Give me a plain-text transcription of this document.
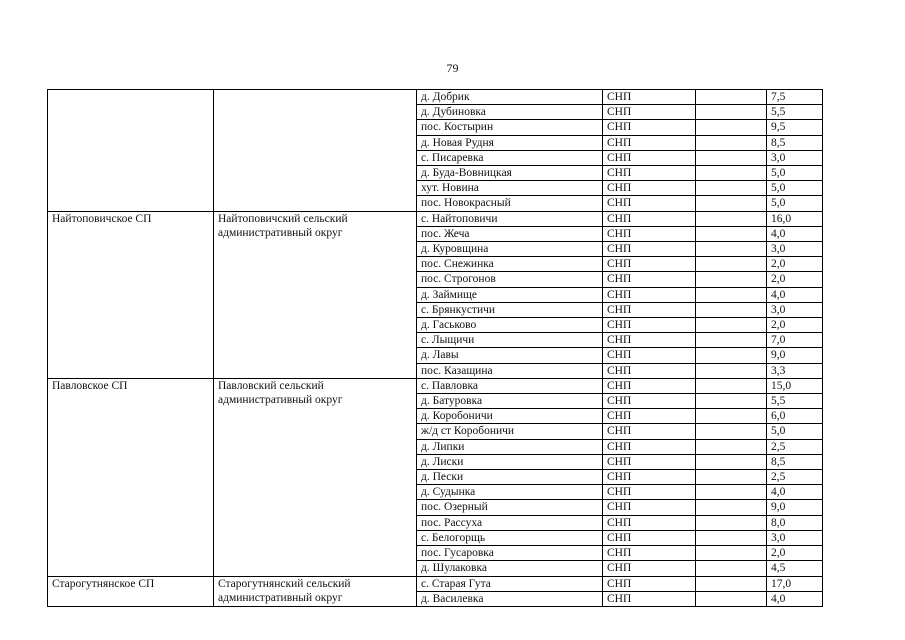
79
		д. Добрик	СНП		7,5
		д. Дубиновка	СНП		5,5
		пос. Костырин	СНП		9,5
		д. Новая Рудня	СНП		8,5
		с. Писаревка	СНП		3,0
		д. Буда-Вовницкая	СНП		5,0
		хут. Новина	СНП		5,0
		пос. Новокрасный	СНП		5,0
Найтоповичское СП	Найтоповичский сельский административный округ	с. Найтоповичи	СНП		16,0
		пос. Жеча	СНП		4,0
		д. Куровщина	СНП		3,0
		пос. Снежинка	СНП		2,0
		пос. Строгонов	СНП		2,0
		д. Займище	СНП		4,0
		с. Брянкустичи	СНП		3,0
		д. Гаськово	СНП		2,0
		с. Лыщичи	СНП		7,0
		д. Лавы	СНП		9,0
		пос. Казащина	СНП		3,3
Павловское СП	Павловский сельский административный округ	с. Павловка	СНП		15,0
		д. Батуровка	СНП		5,5
		д. Коробоничи	СНП		6,0
		ж/д ст Коробоничи	СНП		5,0
		д. Липки	СНП		2,5
		д. Лиски	СНП		8,5
		д. Пески	СНП		2,5
		д. Судынка	СНП		4,0
		пос. Озерный	СНП		9,0
		пос. Рассуха	СНП		8,0
		с. Белогорщь	СНП		3,0
		пос. Гусаровка	СНП		2,0
		д. Шулаковка	СНП		4,5
Старогутнянское СП	Старогутнянский сельский административный округ	с. Старая Гута	СНП		17,0
		д. Василевка	СНП		4,0
